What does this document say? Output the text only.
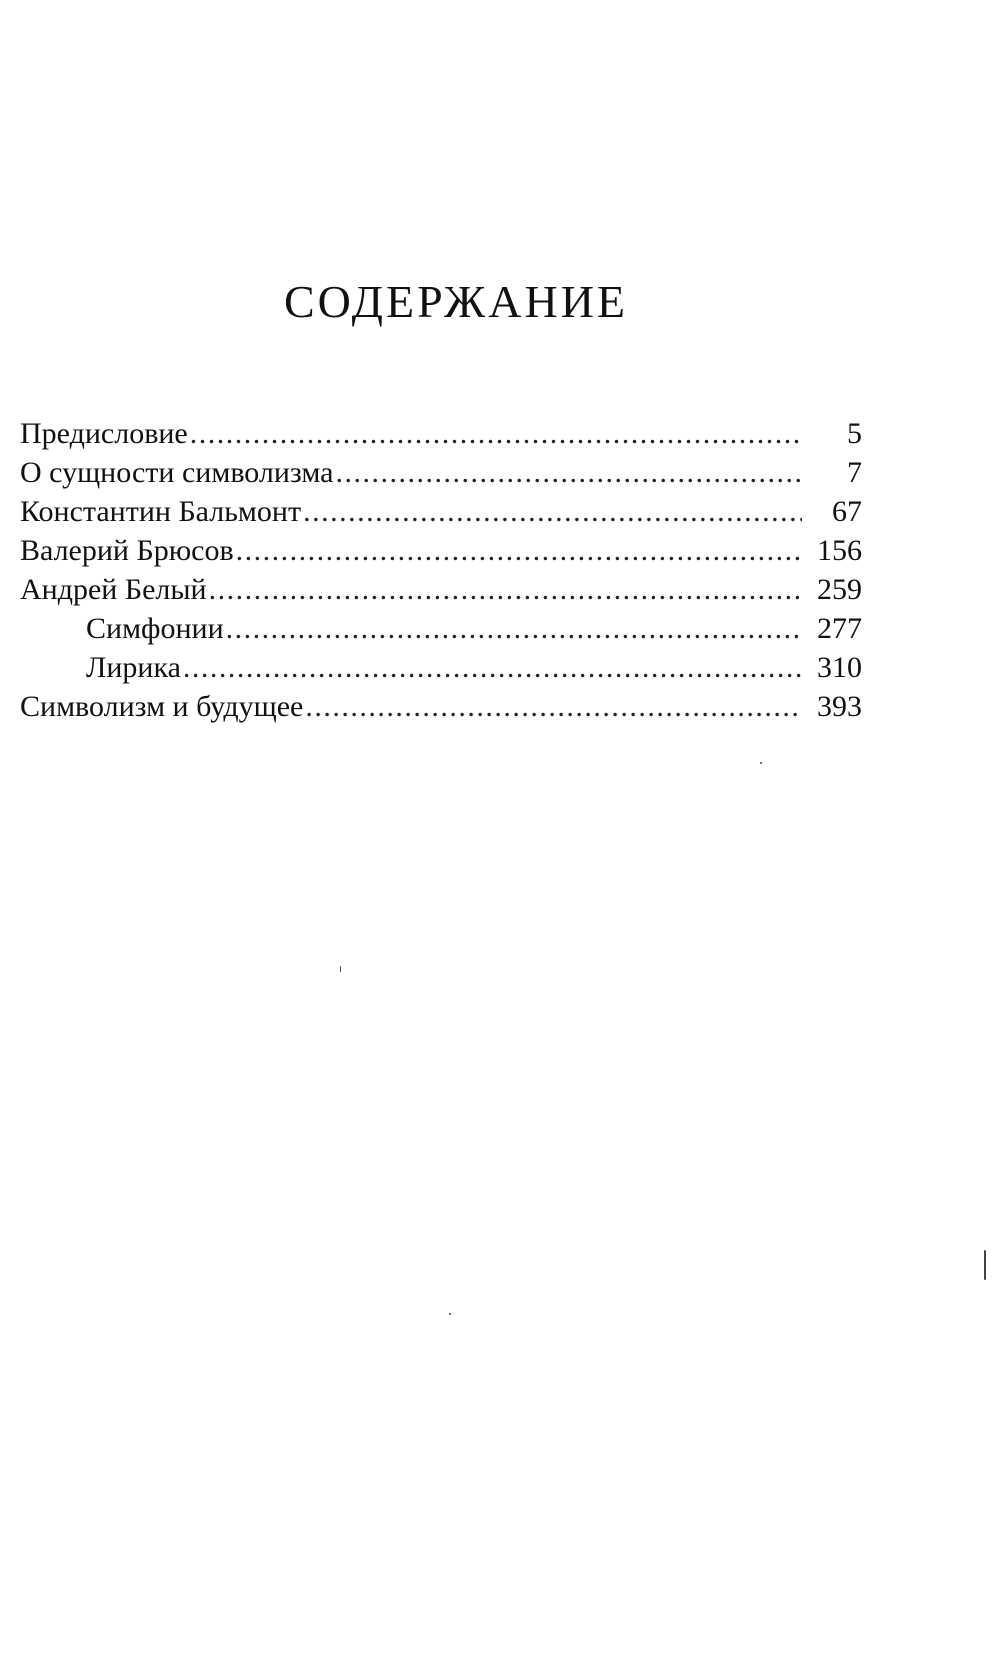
СОДЕРЖАНИЕ
Предисловие . . .	5
О сущности символизма . . .	7
Константин Бальмонт . . .	67
Валерий Брюсов . . .	156
Андрей Белый . . .	259
Симфонии . . .	277
Лирика . . .	310
Символизм и будущее . . .	393
